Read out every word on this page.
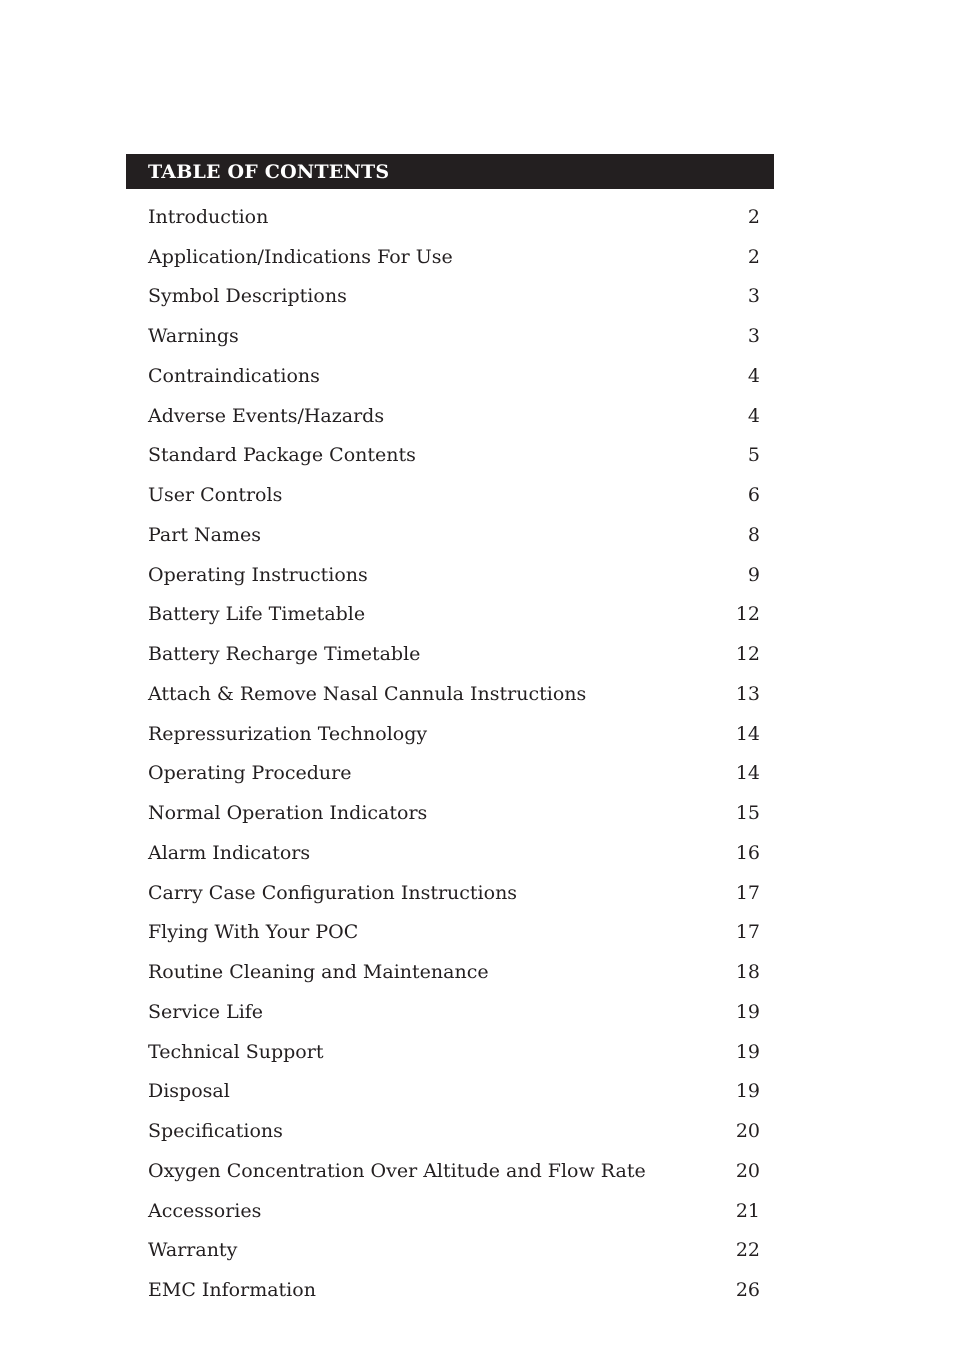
TABLE OF CONTENTS
Introduction	2
Application/Indications For Use	2
Symbol Descriptions	3
Warnings	3
Contraindications	4
Adverse Events/Hazards	4
Standard Package Contents	5
User Controls	6
Part Names	8
Operating Instructions	9
Battery Life Timetable	12
Battery Recharge Timetable	12
Attach & Remove Nasal Cannula Instructions	13
Repressurization Technology	14
Operating Procedure	14
Normal Operation Indicators	15
Alarm Indicators	16
Carry Case Configuration Instructions	17
Flying With Your POC	17
Routine Cleaning and Maintenance	18
Service Life	19
Technical Support	19
Disposal	19
Specifications	20
Oxygen Concentration Over Altitude and Flow Rate	20
Accessories	21
Warranty	22
EMC Information	26
